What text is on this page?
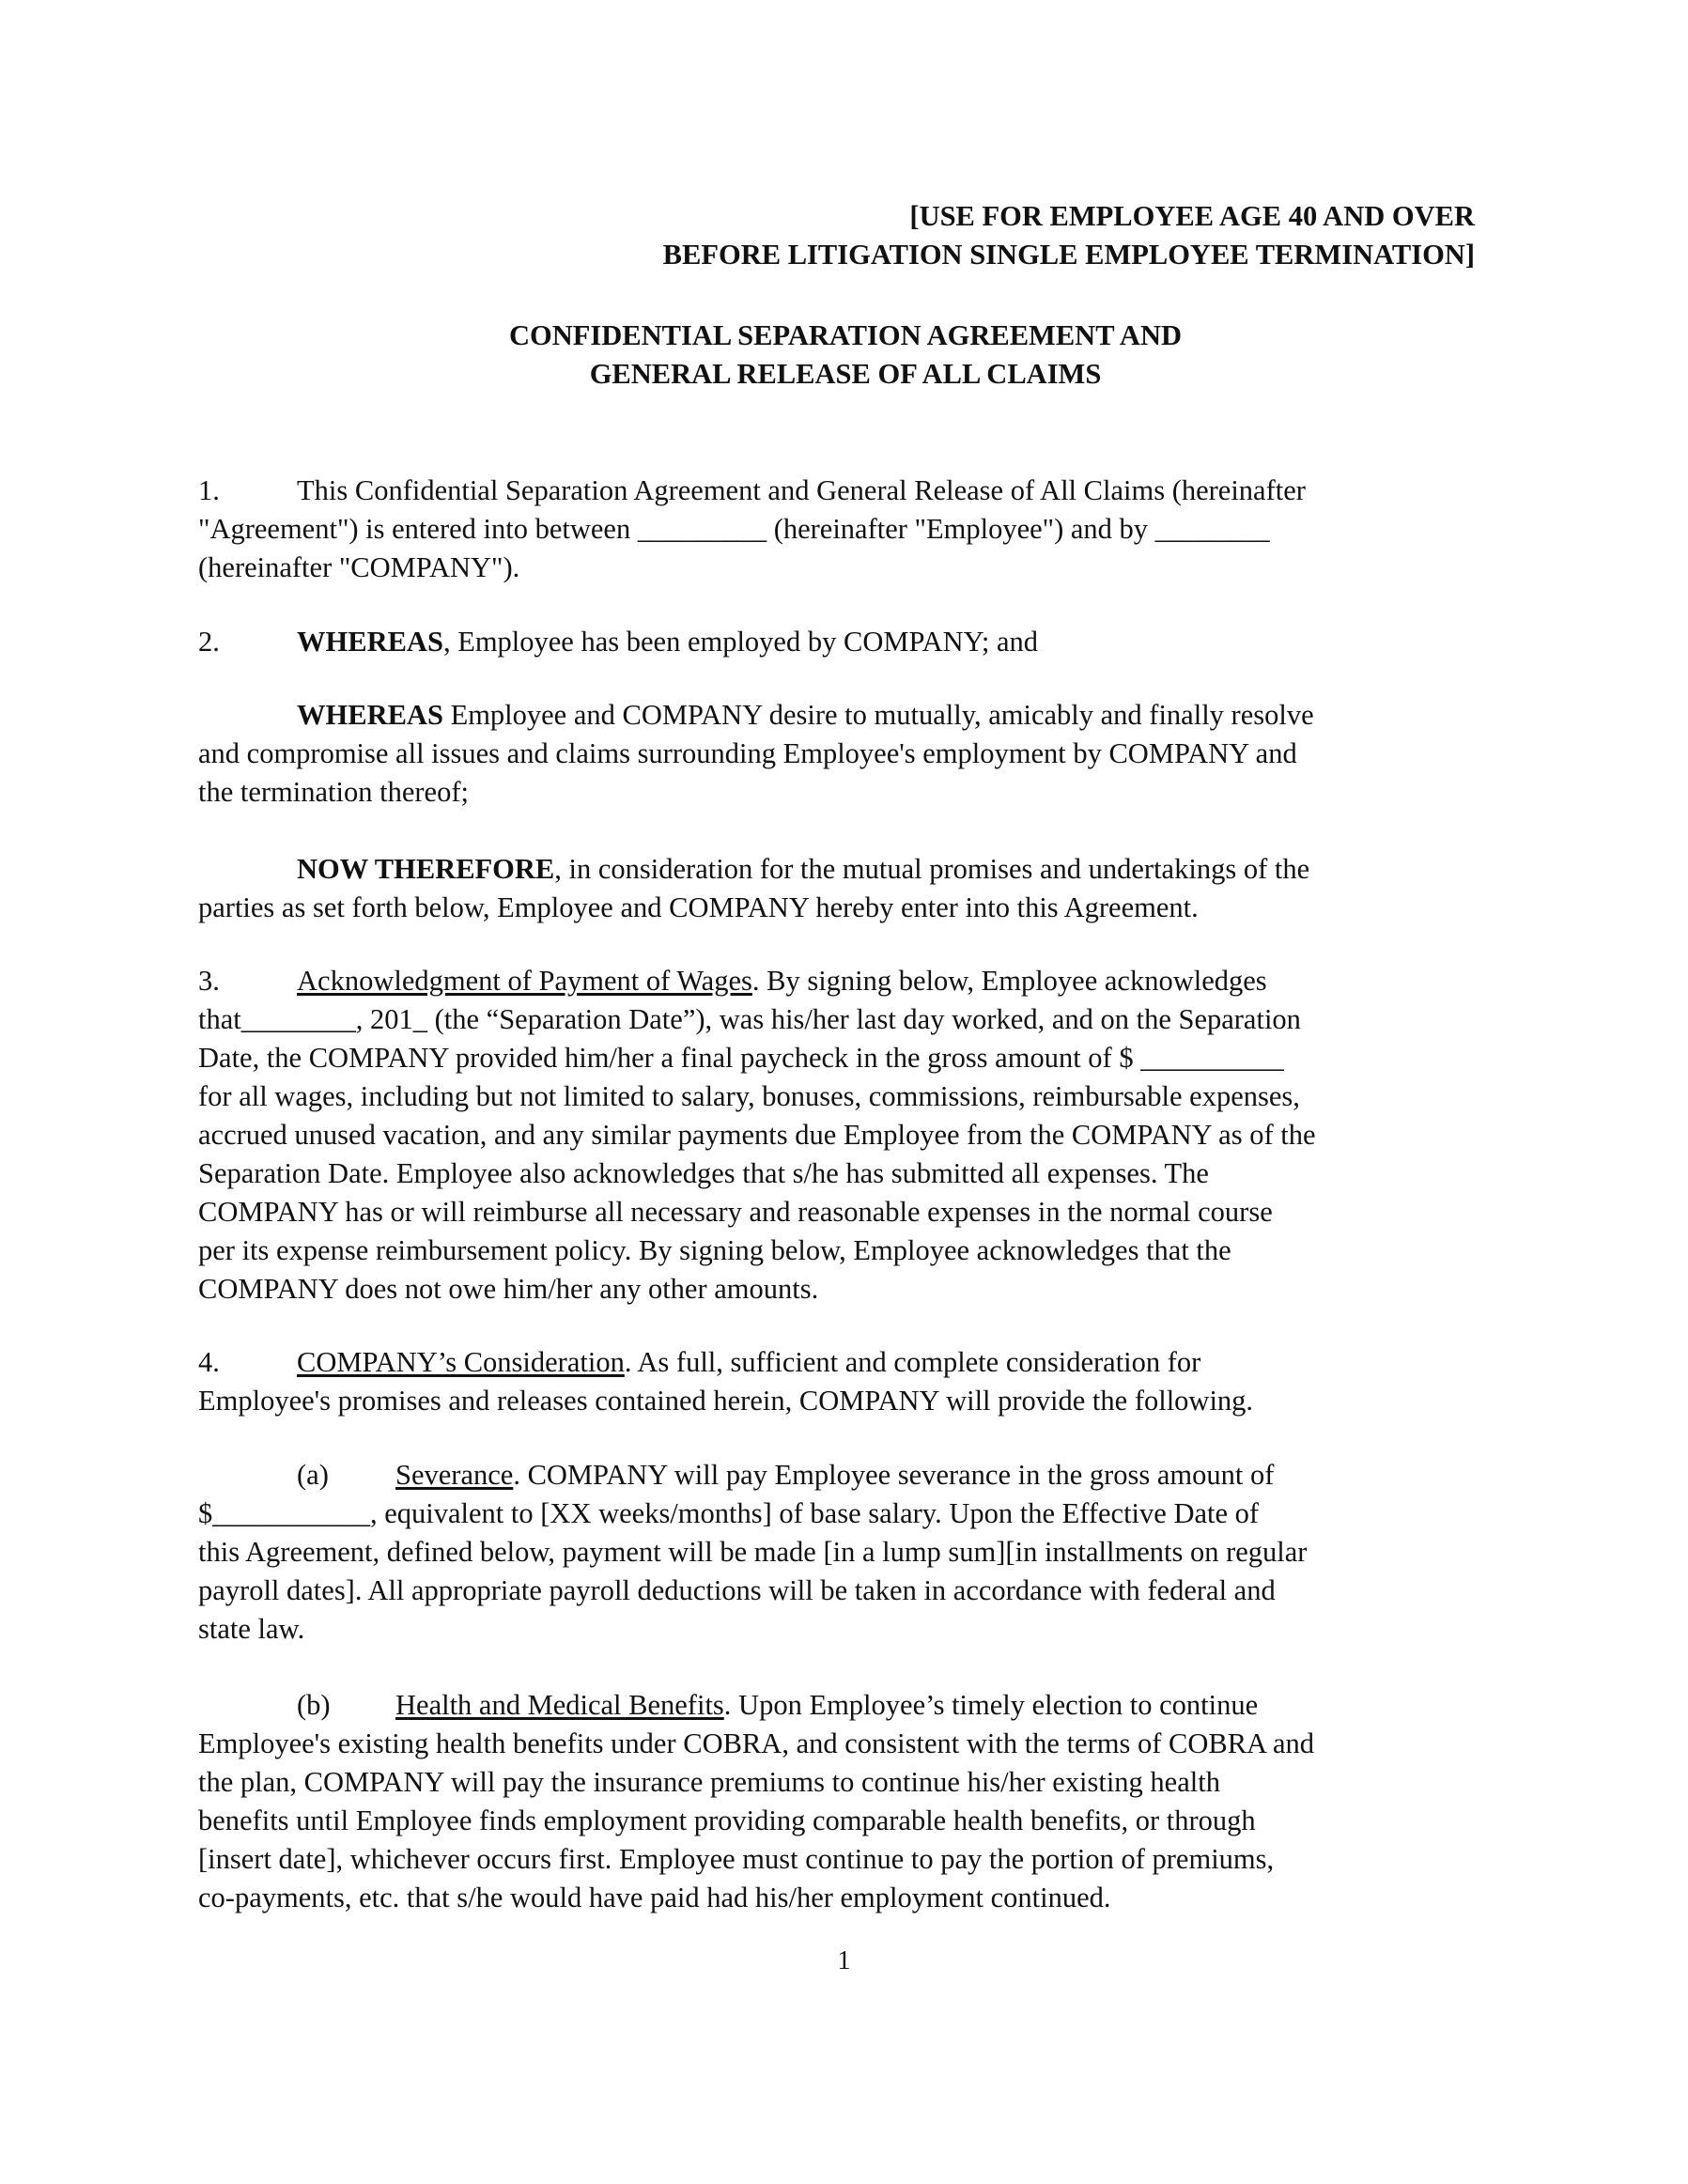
[USE FOR EMPLOYEE AGE 40 AND OVER
BEFORE LITIGATION SINGLE EMPLOYEE TERMINATION]
CONFIDENTIAL SEPARATION AGREEMENT AND
GENERAL RELEASE OF ALL CLAIMS
1.	This Confidential Separation Agreement and General Release of All Claims (hereinafter
"Agreement") is entered into between _________ (hereinafter "Employee") and by ________
(hereinafter "COMPANY").
2.	WHEREAS, Employee has been employed by COMPANY; and
WHEREAS Employee and COMPANY desire to mutually, amicably and finally resolve
and compromise all issues and claims surrounding Employee's employment by COMPANY and
the termination thereof;
NOW THEREFORE, in consideration for the mutual promises and undertakings of the
parties as set forth below, Employee and COMPANY hereby enter into this Agreement.
3.	Acknowledgment of Payment of Wages. By signing below, Employee acknowledges
that________, 201_ (the “Separation Date”), was his/her last day worked, and on the Separation
Date, the COMPANY provided him/her a final paycheck in the gross amount of $ __________
for all wages, including but not limited to salary, bonuses, commissions, reimbursable expenses,
accrued unused vacation, and any similar payments due Employee from the COMPANY as of the
Separation Date. Employee also acknowledges that s/he has submitted all expenses. The
COMPANY has or will reimburse all necessary and reasonable expenses in the normal course
per its expense reimbursement policy. By signing below, Employee acknowledges that the
COMPANY does not owe him/her any other amounts.
4.	COMPANY’s Consideration. As full, sufficient and complete consideration for
Employee's promises and releases contained herein, COMPANY will provide the following.
(a) Severance. COMPANY will pay Employee severance in the gross amount of
$___________, equivalent to [XX weeks/months] of base salary. Upon the Effective Date of
this Agreement, defined below, payment will be made [in a lump sum][in installments on regular
payroll dates]. All appropriate payroll deductions will be taken in accordance with federal and
state law.
(b) Health and Medical Benefits. Upon Employee’s timely election to continue
Employee's existing health benefits under COBRA, and consistent with the terms of COBRA and
the plan, COMPANY will pay the insurance premiums to continue his/her existing health
benefits until Employee finds employment providing comparable health benefits, or through
[insert date], whichever occurs first. Employee must continue to pay the portion of premiums,
co-payments, etc. that s/he would have paid had his/her employment continued.
1
